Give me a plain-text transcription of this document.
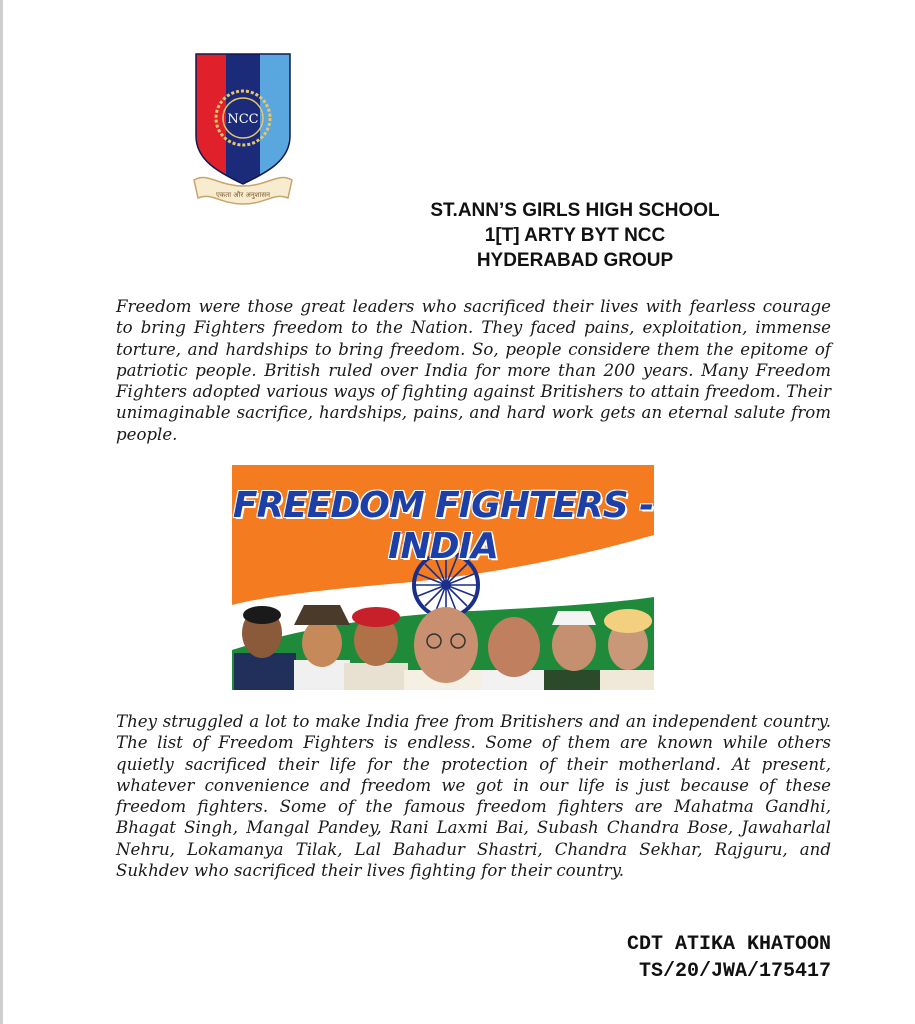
NCC
एकता और अनुशासन
ST.ANN’S GIRLS HIGH SCHOOL
1[T] ARTY BYT NCC
HYDERABAD GROUP

Freedom were those great leaders who sacrificed their lives with fearless courage to bring Fighters freedom to the Nation. They faced pains, exploitation, immense torture, and hardships to bring freedom. So, people considere them the epitome of patriotic people. British ruled over India for more than 200 years. Many Freedom Fighters adopted various ways of fighting against Britishers to attain freedom. Their unimaginable sacrifice, hardships, pains, and hard work gets an eternal salute from people.

FREEDOM FIGHTERS - INDIA

They struggled a lot to make India free from Britishers and an independent country. The list of Freedom Fighters is endless. Some of them are known while others quietly sacrificed their life for the protection of their motherland. At present, whatever convenience and freedom we got in our life is just because of these freedom fighters. Some of the famous freedom fighters are Mahatma Gandhi, Bhagat Singh, Mangal Pandey, Rani Laxmi Bai, Subash Chandra Bose, Jawaharlal Nehru, Lokamanya Tilak, Lal Bahadur Shastri, Chandra Sekhar, Rajguru, and Sukhdev who sacrificed their lives fighting for their country.

CDT ATIKA KHATOON
TS/20/JWA/175417
